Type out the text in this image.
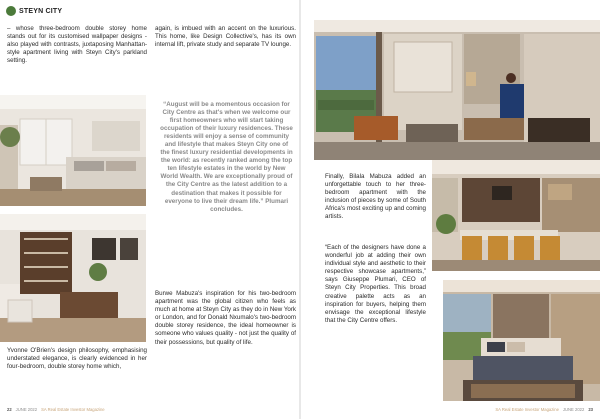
STEYN CITY

– whose three-bedroom double storey home stands out for its customised wallpaper designs - also played with contrasts, juxtaposing Manhattan-style apartment living with Steyn City's parkland setting.

Yvonne O'Brien's design philosophy, emphasising understated elegance, is clearly evidenced in her four-bedroom, double storey home which,

again, is imbued with an accent on the luxurious. This home, like Design Collective's, has its own internal lift, private study and separate TV lounge.

“August will be a momentous occasion for City Centre as that's when we welcome our first homeowners who will start taking occupation of their luxury residences. These residents will enjoy a sense of community and lifestyle that makes Steyn City one of the finest luxury residential developments in the world: as recently ranked among the top ten lifestyle estates in the world by New World Wealth. We are exceptionally proud of the City Centre as the latest addition to a destination that makes it possible for everyone to live their dream life.” Plumari concludes.

Burwe Mabuza's inspiration for his two-bedroom apartment was the global citizen who feels as much at home at Steyn City as they do in New York or London, and for Donald Nxumalo's two-bedroom double storey residence, the ideal homeowner is someone who values quality - not just the quality of their possessions, but quality of life.

Finally, Bilala Mabuza added an unforgettable touch to her three-bedroom apartment with the inclusion of pieces by some of South Africa's most exciting up and coming artists.

“Each of the designers have done a wonderful job at adding their own individual style and aesthetic to their respective showcase apartments,” says Giuseppe Plumari, CEO of Steyn City Properties. This broad creative palette acts as an inspiration for buyers, helping them envisage the exceptional lifestyle that the City Centre offers.

22 JUNE 2022 SA Real Estate Investor Magazine	SA Real Estate Investor Magazine JUNE 2022 23
